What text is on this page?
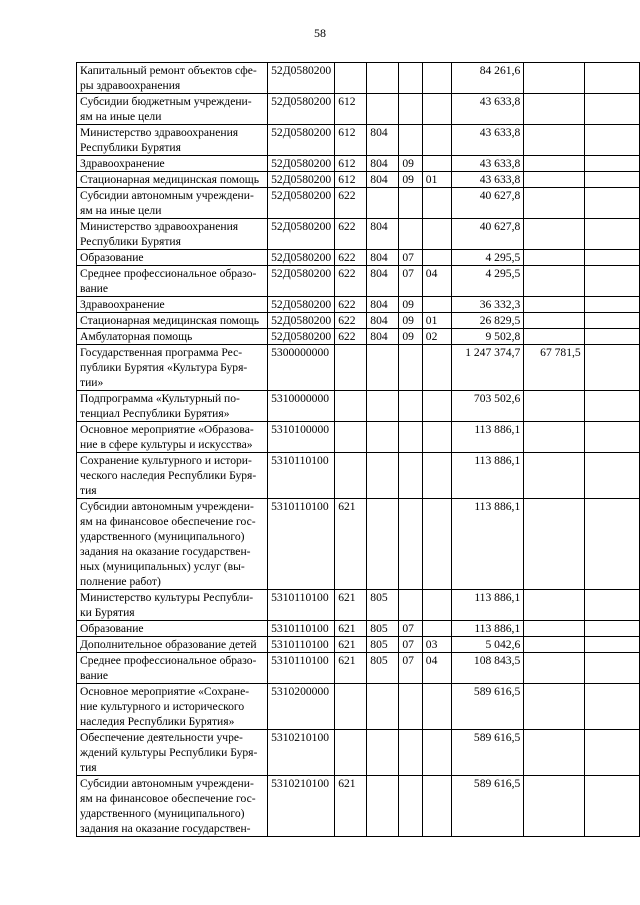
58
Капитальный ремонт объектов сфе-ры здравоохранения	52Д0580200					84 261,6		
Субсидии бюджетным учреждени-ям на иные цели	52Д0580200	612				43 633,8		
Министерство здравоохранения Республики Бурятия	52Д0580200	612	804			43 633,8		
Здравоохранение	52Д0580200	612	804	09		43 633,8		
Стационарная медицинская помощь	52Д0580200	612	804	09	01	43 633,8		
Субсидии автономным учреждени-ям на иные цели	52Д0580200	622				40 627,8		
Министерство здравоохранения Республики Бурятия	52Д0580200	622	804			40 627,8		
Образование	52Д0580200	622	804	07		4 295,5		
Среднее профессиональное образо-вание	52Д0580200	622	804	07	04	4 295,5		
Здравоохранение	52Д0580200	622	804	09		36 332,3		
Стационарная медицинская помощь	52Д0580200	622	804	09	01	26 829,5		
Амбулаторная помощь	52Д0580200	622	804	09	02	9 502,8		
Государственная программа Рес-публики Бурятия «Культура Буря-тии»	5300000000					1 247 374,7	67 781,5	
Подпрограмма «Культурный по-тенциал Республики Бурятия»	5310000000					703 502,6		
Основное мероприятие «Образова-ние в сфере культуры и искусства»	5310100000					113 886,1		
Сохранение культурного и истори-ческого наследия Республики Буря-тия	5310110100					113 886,1		
Субсидии автономным учреждени-ям на финансовое обеспечение гос-ударственного (муниципального) задания на оказание государствен-ных (муниципальных) услуг (вы-полнение работ)	5310110100	621				113 886,1		
Министерство культуры Республи-ки Бурятия	5310110100	621	805			113 886,1		
Образование	5310110100	621	805	07		113 886,1		
Дополнительное образование детей	5310110100	621	805	07	03	5 042,6		
Среднее профессиональное образо-вание	5310110100	621	805	07	04	108 843,5		
Основное мероприятие «Сохране-ние культурного и исторического наследия Республики Бурятия»	5310200000					589 616,5		
Обеспечение деятельности учре-ждений культуры Республики Буря-тия	5310210100					589 616,5		
Субсидии автономным учреждени-ям на финансовое обеспечение гос-ударственного (муниципального) задания на оказание государствен-	5310210100	621				589 616,5		
